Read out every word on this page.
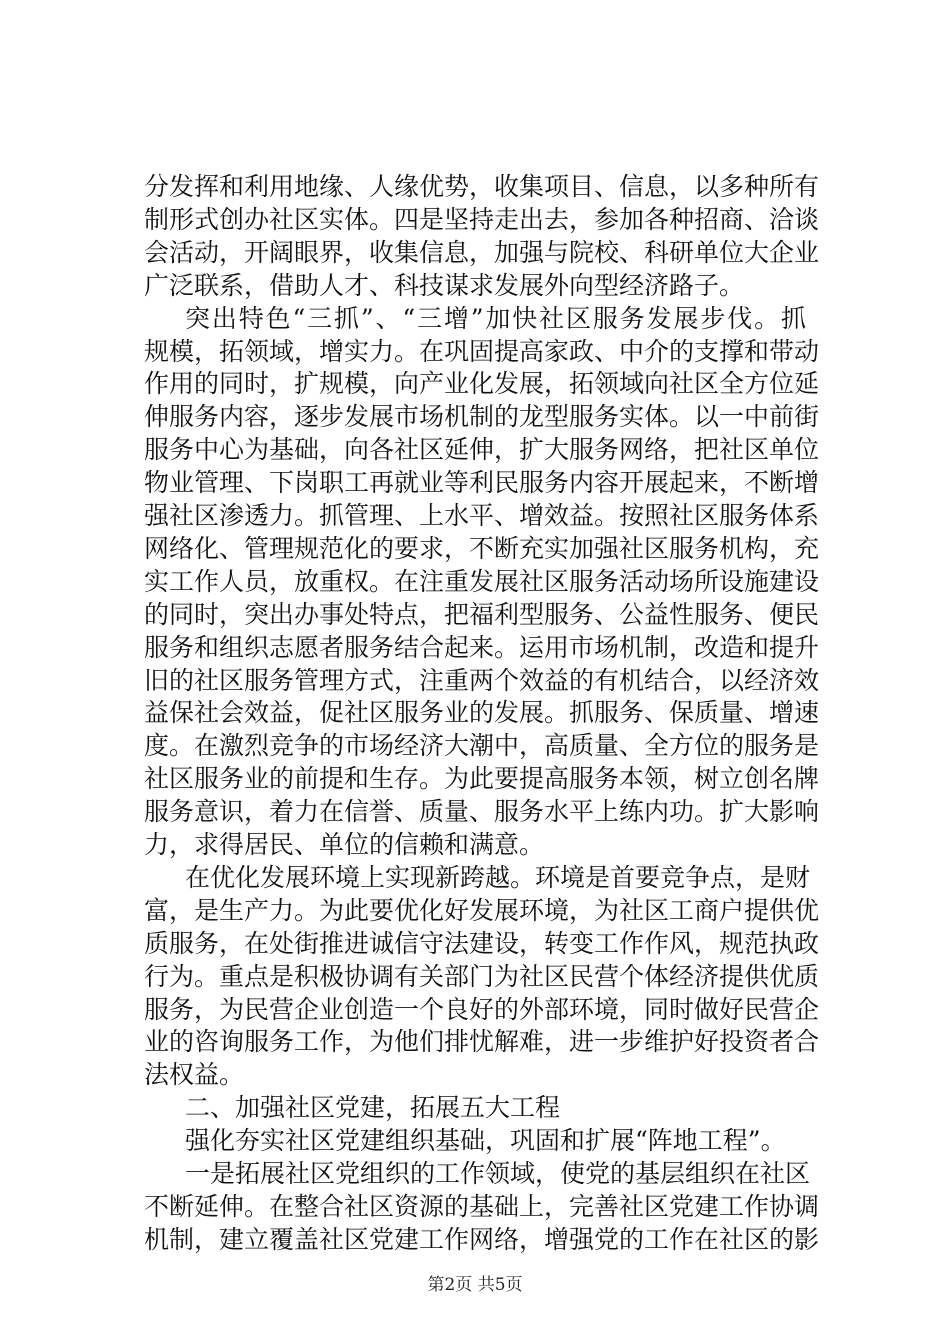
分发挥和利用地缘、人缘优势，收集项目、信息，以多种所有
制形式创办社区实体。四是坚持走出去，参加各种招商、洽谈
会活动，开阔眼界，收集信息，加强与院校、科研单位大企业
广泛联系，借助人才、科技谋求发展外向型经济路子。
突出特色“三抓”、“三增”加快社区服务发展步伐。抓
规模，拓领域，增实力。在巩固提高家政、中介的支撑和带动
作用的同时，扩规模，向产业化发展，拓领域向社区全方位延
伸服务内容，逐步发展市场机制的龙型服务实体。以一中前街
服务中心为基础，向各社区延伸，扩大服务网络，把社区单位
物业管理、下岗职工再就业等利民服务内容开展起来，不断增
强社区渗透力。抓管理、上水平、增效益。按照社区服务体系
网络化、管理规范化的要求，不断充实加强社区服务机构，充
实工作人员，放重权。在注重发展社区服务活动场所设施建设
的同时，突出办事处特点，把福利型服务、公益性服务、便民
服务和组织志愿者服务结合起来。运用市场机制，改造和提升
旧的社区服务管理方式，注重两个效益的有机结合，以经济效
益保社会效益，促社区服务业的发展。抓服务、保质量、增速
度。在激烈竞争的市场经济大潮中，高质量、全方位的服务是
社区服务业的前提和生存。为此要提高服务本领，树立创名牌
服务意识，着力在信誉、质量、服务水平上练内功。扩大影响
力，求得居民、单位的信赖和满意。
在优化发展环境上实现新跨越。环境是首要竞争点，是财
富，是生产力。为此要优化好发展环境，为社区工商户提供优
质服务，在处街推进诚信守法建设，转变工作作风，规范执政
行为。重点是积极协调有关部门为社区民营个体经济提供优质
服务，为民营企业创造一个良好的外部环境，同时做好民营企
业的咨询服务工作，为他们排忧解难，进一步维护好投资者合
法权益。
二、加强社区党建，拓展五大工程
强化夯实社区党建组织基础，巩固和扩展“阵地工程”。
一是拓展社区党组织的工作领域，使党的基层组织在社区
不断延伸。在整合社区资源的基础上，完善社区党建工作协调
机制，建立覆盖社区党建工作网络，增强党的工作在社区的影
第2页 共5页
